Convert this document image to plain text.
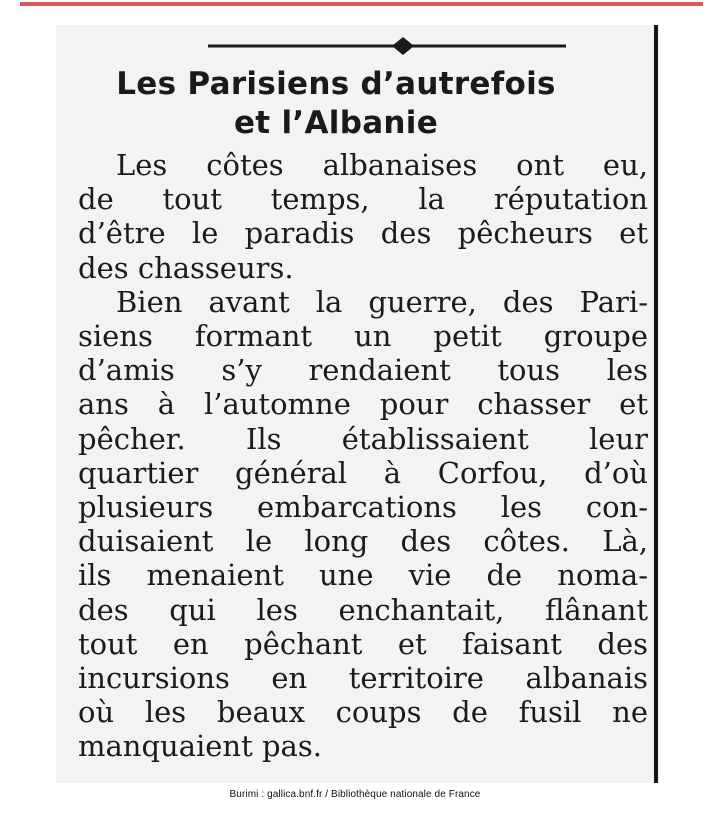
Les Parisiens d’autrefois
et l’Albanie
Les côtes albanaises ont eu,
de tout temps, la réputation
d’être le paradis des pêcheurs et
des chasseurs.
Bien avant la guerre, des Pari-
siens formant un petit groupe
d’amis s’y rendaient tous les
ans à l’automne pour chasser et
pêcher. Ils établissaient leur
quartier général à Corfou, d’où
plusieurs embarcations les con-
duisaient le long des côtes. Là,
ils menaient une vie de noma-
des qui les enchantait, flânant
tout en pêchant et faisant des
incursions en territoire albanais
où les beaux coups de fusil ne
manquaient pas.
Burimi : gallica.bnf.fr / Bibliothèque nationale de France
